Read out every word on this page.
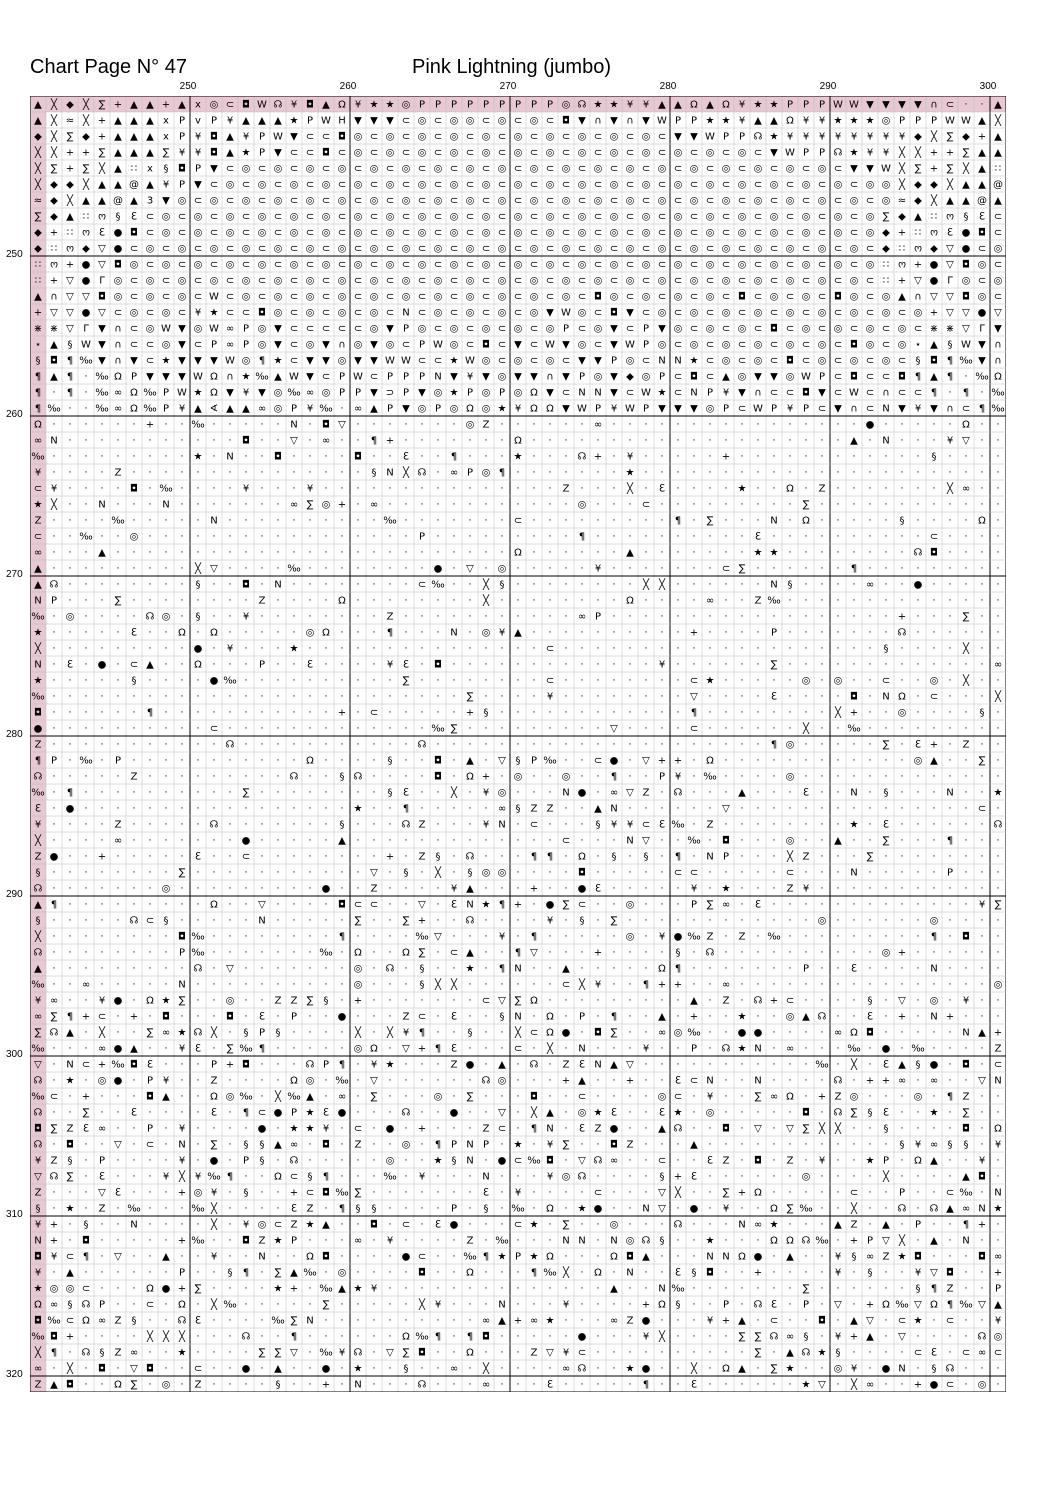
Chart Page N° 47	Pink Lightning (jumbo)
250	260	270	280	290	300
250
260
270
280
290
300
310
320
▲ ╳ ◆ ╳ ∑ + ▲ ▲ + ▲ x ◎ ⊂ ◘ W ☊ ¥ ◘ ▲ Ω ¥ ★ ★ ◎ P P P P P P P P P ◎ ☊ ★ ★ ¥ ¥ ▲ ▲ Ω ▲ Ω ¥ ★ ★ P P P W W ▼ ▼ ▼ ▼ ∩ ⊂ · · ▲
▲ ╳ ≈ ╳ + ▲ ▲ ▲ x P ᴠ P ¥ ▲ ▲ ▲ ★ P W H ▼ ▼ ▼ ⊂ ◎ ⊂ ◎ ◎ ⊂ ◎ ⊂ ◎ ⊂ ◘ ▼ ∩ ▼ ∩ ▼ W P P ★ ★ ¥ ▲ ▲ Ω ¥ ¥ ★ ★ ★ ◎ P P P W W ▲ ╳
◆ ╳ ∑ ◆ + ▲ ▲ ▲ x P ¥ ◘ ▲ ¥ P W ▼ ⊂ ⊂ ◘ ◎ ⊂ ◎ ⊂ ◎ ⊂ ◎ ⊂ ◎ ⊂ ◎ ⊂ ◎ ⊂ ◎ ⊂ ◎ ⊂ ◎ ⊂ ▼ ▼ W P P ☊ ★ ¥ ¥ ¥ ¥ ¥ ¥ ¥ ¥ ◆ ╳ ∑ ◆ + ▲
╳ ╳ + + ∑ ▲ ▲ ▲ ∑ ¥ ¥ ◘ ▲ ★ P ▼ ⊂ ⊂ ◘ ⊂ ◎ ⊂ ◎ ⊂ ◎ ⊂ ◎ ⊂ ◎ ⊂ ◎ ⊂ ◎ ⊂ ◎ ⊂ ◎ ⊂ ◎ ⊂ ◎ ⊂ ◎ ⊂ ◎ ⊂ ▼ W P P ☊ ★ ¥ ¥ ╳ ╳ + + ∑ ▲ ▲
╳ ∑ + ∑ ╳ ▲ ∷ x § ◘ P ▼ ⊂ ◎ ⊂ ◎ ⊂ ◎ ⊂ ◎ ⊂ ◎ ⊂ ◎ ⊂ ◎ ⊂ ◎ ⊂ ◎ ⊂ ◎ ⊂ ◎ ⊂ ◎ ⊂ ◎ ⊂ ◎ ⊂ ◎ ⊂ ◎ ⊂ ◎ ⊂ ◎ ⊂ ◎ ⊂ ▼ ▼ W ╳ ∑ + ∑ ╳ ▲ ∷
╳ ◆ ◆ ╳ ▲ ▲ @ ▲ ¥ P ▼ ⊂ ◎ ⊂ ◎ ⊂ ◎ ⊂ ◎ ⊂ ◎ ⊂ ◎ ⊂ ◎ ⊂ ◎ ⊂ ◎ ⊂ ◎ ⊂ ◎ ⊂ ◎ ⊂ ◎ ⊂ ◎ ⊂ ◎ ⊂ ◎ ⊂ ◎ ⊂ ◎ ⊂ ◎ ⊂ ◎ ⊂ ◎ ◎ ╳ ◆ ◆ ╳ ▲ ▲ @
≈ ◆ ╳ ▲ ▲ @ ▲ 3 ▼ ◎ ⊂ ◎ ⊂ ◎ ⊂ ◎ ⊂ ◎ ⊂ ◎ ⊂ ◎ ⊂ ◎ ⊂ ◎ ⊂ ◎ ⊂ ◎ ⊂ ◎ ⊂ ◎ ⊂ ◎ ⊂ ◎ ⊂ ◎ ⊂ ◎ ⊂ ◎ ⊂ ◎ ⊂ ◎ ⊂ ◎ ⊂ ◎ ⊂ ◎ ≈ ◆ ╳ ▲ ▲ @ ▲
∑ ◆ ▲ ∷ ო § ℇ ⊂ ◎ ⊂ ◎ ⊂ ◎ ⊂ ◎ ⊂ ◎ ⊂ ◎ ⊂ ◎ ⊂ ◎ ⊂ ◎ ⊂ ◎ ⊂ ◎ ⊂ ◎ ⊂ ◎ ⊂ ◎ ⊂ ◎ ⊂ ◎ ⊂ ◎ ⊂ ◎ ⊂ ◎ ⊂ ◎ ⊂ ◎ ⊂ ◎ ⊂ ◎ ∑ ◆ ▲ ∷ ო § ℇ ⊂
◆ + ∷ ო ℇ ● ◘ ⊂ ◎ ⊂ ◎ ⊂ ◎ ⊂ ◎ ⊂ ◎ ⊂ ◎ ⊂ ◎ ⊂ ◎ ⊂ ◎ ⊂ ◎ ⊂ ◎ ⊂ ◎ ⊂ ◎ ⊂ ◎ ⊂ ◎ ⊂ ◎ ⊂ ◎ ⊂ ◎ ⊂ ◎ ⊂ ◎ ⊂ ◎ ⊂ ◎ ⊂ ◎ ◆ + ∷ ო ℇ ● ◘ ⊂
◆ ∷ ო ◆ ▽ ● ⊂ ◎ ⊂ ◎ ⊂ ◎ ⊂ ◎ ⊂ ◎ ⊂ ◎ ⊂ ◎ ⊂ ◎ ⊂ ◎ ⊂ ◎ ⊂ ◎ ⊂ ◎ ⊂ ◎ ⊂ ◎ ⊂ ◎ ⊂ ◎ ⊂ ◎ ⊂ ◎ ⊂ ◎ ⊂ ◎ ⊂ ◎ ⊂ ◎ ⊂ ◎ ⊂ ◆ ∷ ო ◆ ▽ ● ⊂ ◎
∷ ო + ● ▽ ◘ ◎ ⊂ ◎ ⊂ ◎ ⊂ ◎ ⊂ ◎ ⊂ ◎ ⊂ ◎ ⊂ ◎ ⊂ ◎ ⊂ ◎ ⊂ ◎ ⊂ ◎ ⊂ ◎ ⊂ ◎ ⊂ ◎ ⊂ ◎ ⊂ ◎ ⊂ ◎ ⊂ ◎ ⊂ ◎ ⊂ ◎ ⊂ ◎ ⊂ ◎ ⊂ ◎ ∷ ო + ● ▽ ◘ ◎ ⊂
∷ + ▽ ● Γ ◎ ⊂ ◎ ⊂ ◎ ⊂ ◎ ⊂ ◎ ⊂ ◎ ⊂ ◎ ⊂ ◎ ⊂ ◎ ⊂ ◎ ⊂ ◎ ⊂ ◎ ⊂ ◎ ⊂ ◎ ⊂ ◎ ⊂ ◎ ⊂ ◎ ⊂ ◎ ⊂ ◎ ⊂ ◎ ⊂ ◎ ⊂ ◎ ⊂ ◎ ⊂ ◎ ⊂ ∷ + ▽ ● Γ ◎ ⊂ ◎
▲ ∩ ▽ ▽ ◘ ◎ ⊂ ◎ ⊂ ◎ ⊂ W ⊂ ◎ ⊂ ◎ ⊂ ◎ ⊂ ◎ ⊂ ◎ ⊂ ◎ ⊂ ◎ ⊂ ◎ ⊂ ◎ ⊂ ◎ ⊂ ◎ ⊂ ◘ ◎ ⊂ ◎ ⊂ ◎ ⊂ ◎ ⊂ ◘ ⊂ ◎ ⊂ ◎ ⊂ ◘ ◎ ⊂ ◎ ▲ ∩ ▽ ▽ ◘ ◎ ⊂
+ ▽ ▽ ● ▽ ⊂ ◎ ⊂ ◎ ⊂ ¥ ★ ⊂ ⊂ ◘ ◎ ⊂ ◎ ⊂ ◎ ⊂ ◎ ⊂ N ⊂ ◎ ⊂ ◎ ⊂ ◎ ⊂ ◎ ▼ W ◎ ⊂ ◘ ▼ ⊂ ◎ ⊂ ◎ ⊂ ◎ ⊂ ◎ ⊂ ◎ ⊂ ◎ ⊂ ◎ ⊂ ◎ ⊂ ◎ + ▽ ▽ ● ▽
⋇ ⋇ ▽ Γ ▼ ∩ ⊂ ◎ W ▼ ◎ W ∞ P ◎ ▼ ⊂ ⊂ ⊂ ⊂ ⊂ ◎ ▼ P ◎ ⊂ ◎ ⊂ ◎ ⊂ ◎ ⊂ ◎ P ⊂ ◎ ▼ ⊂ P ▼ ◎ ⊂ ◎ ⊂ ◎ ⊂ ◘ ⊂ ◎ ⊂ ◎ ⊂ ◎ ⊂ ◎ ⊂ ⋇ ⋇ ▽ Γ ▼
⋆ ▲ § W ▼ ∩ ⊂ ⊂ ◎ ▼ ⊂ P ∞ P ◎ ▼ ⊂ ◎ ▼ ∩ ◎ ▼ ◎ ⊂ P W ◎ ⊂ ◘ ⊂ ▼ ⊂ W ▼ ◎ ⊂ ▼ W P ◎ ⊂ ◎ ⊂ ◎ ⊂ ◎ ⊂ ◎ ⊂ ◎ ⊂ ◘ ◎ ⊂ ◎ ⋆ ▲ § W ▼ ∩
§ ◘ ¶ ‰ ▼ ∩ ▼ ⊂ ★ ▼ ▼ ▼ W ◎ ¶ ★ ⊂ ▼ ▼ ◎ ▼ ▼ W W ⊂ ⊂ ★ W ◎ ⊂ ◎ ⊂ ◎ ⊂ ▼ ▼ P ◎ ⊂ N N ★ ⊂ ◎ ⊂ ◎ ⊂ ◘ ⊂ ◎ ⊂ ◎ ⊂ ◎ ⊂ § ◘ ¶ ‰ ▼ ∩
¶ ▲ ¶ · ‰ Ω P ▼ ▼ ▼ W Ω ∩ ★ ‰ ▲ W ▼ ⊂ P W ⊂ P P P N ▼ ¥ ▼ ◎ ▼ ▼ ∩ ▼ P ◎ ▼ ◆ ◎ P ⊂ ◘ ⊂ ▲ ◎ ▼ ▼ ◎ W P ⊂ ◘ ⊂ ⊂ ◘ ¶ ▲ ¶ · ‰ Ω
¶ · ¶ · ‰ ∞ Ω ‰ P W ★ Ω ▼ ¥ ▼ ◎ ‰ ∞ ◎ P P ▼ ⊃ P ▼ ◎ ★ P ◎ P ◎ Ω ▼ ⊂ N N ▼ ⊂ W ★ ⊂ N P ¥ ▼ ∩ ⊂ ⊂ ◘ ▼ ⊂ W ⊂ ∩ ⊂ ⊂ ¶ · ¶ · ‰
¶ ‰ · · ‰ ∞ Ω ‰ P ¥ ▲ ∢ ▲ ▲ ∞ ◎ P ¥ ‰ · ∞ ▲ P ▼ ◎ P ◎ Ω ◎ ★ ¥ Ω Ω ▼ W P ¥ W P ▼ ▼ ▼ ◎ P ⊂ W P ¥ P ⊂ ▼ ∩ ⊂ N ▼ ¥ ▼ ∩ ⊂ ¶ ‰
Ω · · · · · · + · · ‰ · · · · · N · ◘ ▽ · · · · · · · ◎ Z · · · · · · ∞ · · · · · · · · · · · · · · · · ● · · · · · Ω · ·
∞ N · · · · · · · · · · · ◘ · · ▽ · ∞ · · ¶ + · · · · · · · Ω · · · · · · · · · · · · · · · · · · · · ▲ · N · · · ¥ ▽ · ·
‰ · · · · · · · · · ★ · N · · ◘ · · · · ◘ · · ℇ · · ¶ · · · ★ · · · ☊ + · ¥ · · · · · + · · · · · · · · · · · · § · · · ·
¥ · · · · Z · · · · · · · · · · · · · · · § N ╳ ☊ · ∞ P ◎ ¶ · · · · · · · ★ · · · · · · · · · · · · · · · · · · · · · · ·
⊂ ¥ · · · · ◘ · ‰ · · · · ¥ · · · ¥ · · · · · · · · · · · · · · · Z · · · ╳ · ℇ · · · · ★ · · Ω · Z · · · · · · · ╳ ∞ · ·
★ ╳ · · N · · · N · · · · · · · ∞ ∑ ◎ + · ∞ · · · · · · · · · · · · ◎ · · · ⊂ · · · · · · · · · ∑ · · · · · · · · · · · ·
Z · · · · ‰ · · · · · N · · · · · · · · · · ‰ · · · · · · · ⊂ · · · · · · · · · ¶ · ∑ · · · N · Ω · · · · · § · · · · Ω ·
⊂ · · ‰ · · ◎ · · · · · · · · · · · · · · · · · P · · · · · · · · · ¶ · · · · · · · · · · ℇ · · · · · · · · · · ⊂ · · · ·
∞ · · · ▲ · · · · · · · · · · · · · · · · · · · · · · · · · Ω · · · · · · ▲ · · · · · · · ★ ★ · · · · · · · · ☊ ◘ · · · ·
▲ · · · · · · · · · ╳ ▽ · · · · ‰ · · · · · · · · ● · ▽ · ◎ · · · · · ¥ · · · · · · · ⊂ ∑ · · · · · · ¶ · · · · · · · · ·
▲ ☊ · · · · · · · · § · · ◘ · N · · · · · · · · ⊂ ‰ · · ╳ § · · · · · · · · ╳ ╳ · · · · · · N § · · · · ∞ · · ● · · · · ·
N P · · · ∑ · · · · · · · · Z · · · · Ω · · · · · · · · ╳ · · · · · · · · Ω · · · · ∞ · · Z ‰ · · · · · · · · · · · · · ·
‰ · ◎ · · · · ☊ ◎ · § · · ¥ · · · · · · · · Z · · · · · · · · · · · ∞ P · · · · · · · · · · · · · · · · · · + · · · ∑ · ·
★ · · · · · ℇ · · Ω · Ω · · · · · ◎ Ω · · · ¶ · · · N · ◎ ¥ ▲ · · · · · · · · · · + · · · · P · · · · · · · ☊ · · · · · ·
╳ · · · · · · · · · ● · ¥ · · · ★ · · · · · · · · · · · · · · · ⊂ · · · · · · · · · · · · · · · · · · · · § · · · · ╳ · ·
N · ℇ · ● · ⊂ ▲ · · Ω · · · P · · ℇ · · · · ¥ ℇ · ◘ · · · · · · · · · · · · · ¥ · · · · · · ∑ · · · · · · · · · · · · · ∞
★ · · · · · § · · · · ● ‰ · · · · · · · · · · ∑ · · · · · · · · ⊂ · · · · · · · · ⊂ ★ · · · · · ◎ · ◎ · · ⊂ · · ◎ · ╳ · ·
‰ · · · · · · · · · · · · · · · · · · · · · · · · · · ∑ · · · · ¥ · · · · · · · · ▽ · · · · ℇ · · · · ◘ · N Ω · ⊂ · · · ╳
◘ · · · · · · ¶ · · · · · · · · · · · + · ⊂ · · · · · + § · · · · · · · · · · · · ¶ · · · · · · · · ╳ + · · ◎ · · · · § ·
● · · · · · · · · · · ⊂ · · · · · · · · · · · · · ‰ ∑ · · · · · · · · · ▽ · · · · ⊂ · · · · · · ╳ · · ‰ · · · · · · · · ·
Z · · · · · · · · · · · ☊ · · · · · · · · · · · ☊ · · · · · · · · · · · · · · · · · · · · · ¶ ◎ · · · · · ∑ · ℇ + · Z · ·
¶ P · ‰ · P · · · · · · · · · · · Ω · · · · § · · ◘ · ▲ · ▽ § P ‰ · · ⊂ ● · ▽ + + · Ω · · · · · · · · · · · · ◎ ▲ · · ∑ ·
☊ · · · · · Z · · · · · · · · · ☊ · · § ☊ · · · · ◘ · Ω + · ◎ · · ◎ · · ¶ · · P ¥ · ‰ · · · · ◎ · · · · · · · · · · · · ·
‰ · ¶ · · · · · · · · · · ∑ · · · · · · · · § ℇ · · ╳ · ¥ ◎ · · · N ● · ∞ ▽ Z · ☊ · · · ▲ · · · ℇ · · N · § · · · N · · ★
ℇ · ● · · · · · · · · · · · · · · · · · ★ · · ¶ · · · · · ∞ § Z Z · · ▲ N · · · · · · ▽ · · · · · · · · · · · · · · · ⊂ ·
¥ · · · · Z · · · · · ☊ · · · · · · · § · · · ☊ Z · · · ¥ N · ⊂ · · · § ¥ ¥ ⊂ ℇ ‰ · Z · · · · · · · · ★ · ℇ · · · · · · ☊
╳ · · · · ∞ · · · · · · · ● · · · · · ▲ · · · · · · · · · · · · · ⊂ · · · N ▽ · · ‰ · ◘ · · · ◎ · · ▲ · · ∑ · · · ¶ · · ·
Z ● · · + · · · · · ℇ · · ⊂ · · · · · · · · + · Z § · ☊ · · · ¶ ¶ · Ω · § · § · ¶ · N P · · · ╳ Z · · · ∑ · · · · · · · ·
§ · · · · · · · · ∑ · · · · · · · · · · · ▽ · § · ╳ · § ◎ ◎ · · · · ◘ · · · · · ⊂ ⊂ · · · · · ⊂ · · · N · · · · · P · · ·
☊ · · · · · · · ◎ · · · · · · · · · ● · · Z · · · · ¥ ▲ · · · + · · ● ℇ · · · · · ¥ · ★ · · · Z ¥ · · · · · · · · · · · ·
▲ ¶ · · · · · · · · · Ω · · ▽ · · · · ◘ ⊂ ⊂ · · ▽ · ℇ N ★ ¶ + · ● ∑ ⊂ · · ◎ · · · P ∑ ∞ · ℇ · · · · · · · · · · · · · ¥ ∑
§ · · · · · ☊ ⊂ § · · · · · N · · · · · ∑ · · ∑ + · · ☊ · · · · ¥ · § · ∑ · · · · · · · · · · · · ◎ · · · · · · ◎ · · · ·
╳ · · · · · · · · ◘ ‰ · · · · · · · · ¶ · · · · ‰ ▽ · · · ¥ · ¶ · · · · · ◎ · ¥ ● ‰ Z · Z · ‰ · · · · · · · · · ¶ · ◘ · ·
☊ · · · · · · · · P ‰ · · · · · · · ‰ · Ω · · Ω ∑ · ⊂ ▲ · · ¶ ▽ · · · + · · · · § · ☊ · · · · · · · · · · ◎ + · · · · · ·
▲ · · · · · · · · · ☊ · ▽ · · · · · · · ◎ · ☊ · § · · ★ · ¶ N · · ▲ · · · · · Ω ¶ · · · · · · · P · · ℇ · · · · N · · · ·
‰ · · ∞ · · · · · N · · · · · · · · · · ◎ · · · § ╳ ╳ · · · · · · ⊂ ╳ ¥ · · ¶ + + · · ∞ · · · · · · · · · · · · · · · · ◎
¥ ∞ · · ¥ ● · Ω ★ ∑ · · ◎ · · Z Z ∑ § · + · · · · · · · ⊂ ▽ ∑ Ω · · · · · · · · · ▲ · Z · ☊ + ⊂ · · · · § · ▽ · ◎ · ¥ · ·
∞ ∑ ¶ + ⊂ · + · ◘ · · · ◘ · ℇ · P · · ● · · · Z ⊂ · ℇ · · § N · Ω · P · ¶ · · ▲ · + · · ★ · · ◎ ▲ ☊ · · ℇ · + · N + · · ·
∑ ☊ ▲ · ╳ · · ∑ ∞ ★ ☊ ╳ · § P § · · · · ╳ · ╳ ¥ ¶ · · § · · ╳ ⊂ Ω ● · ◘ ∑ · · ∞ ◎ ‰ · · ● ● · · · · ∞ Ω ◘ · · · · · N ▲ +
‰ · · · ∞ ● ▲ · · ¥ ℇ · ∑ ‰ ¶ · · · · · ◎ Ω · ▽ + ¶ ℇ · · · ⊂ · ╳ · N · · · ¥ · · P · ☊ ★ N · ∞ · · · ‰ · ● · ‰ · · · · Z
▽ · N ⊂ + ‰ ◘ ℇ · · · P + ◘ · · · ☊ P ¶ · ¥ ★ · · · Z ● · ▲ · ☊ · Z ℇ N ▲ ▽ · · · · · · · · · · · ‰ · ╳ · ℇ ▲ § ● · ◘ · ⊂
☊ · ★ · ◎ ● · P ¥ · · Z · · · · Ω ◎ · ‰ · ▽ · · · · · · ☊ ◎ · · · + ▲ · · + · · ℇ ⊂ N · · N · · · · ☊ · + + ∞ · ∞ · · ▽ N
‰ ⊂ · + · · · ◘ ▲ · · Ω ◎ ‰ · ╳ ‰ ▲ · ∞ · ∑ · · · ◎ · ∑ · · · ◘ · · ⊂ · · · · ◎ ⊂ · ¥ · · ∑ ∞ Ω · + Z ◎ · · · ◎ · ¶ Z · ·
☊ · · ∑ · · ℇ · · · · ℇ · ¶ ⊂ ● P ★ ℇ ● · · · ☊ · · ● · · ▽ · ╳ ▲ · ◎ ★ ℇ · · ℇ ★ · ◎ · · · · · ◘ · ☊ ∑ § ℇ · · ★ · ∑ · ·
◘ ∑ Z ℇ ∞ · · P · ¥ · · · · ● · ★ ★ ¥ · ⊂ · ● · + · · · Z ⊂ · ¶ N · ℇ Z ● · · ▲ ☊ · · ◘ · ▽ · ▽ ∑ ╳ ╳ · · § · · · · ◘ · Ω
☊ · ◘ · · ▽ · ⊂ · N · ∑ · § § ▲ ∞ · ◘ · Z · · ◎ · ¶ P N P · ★ · ¥ ∑ · · ◘ Z · · · ▲ · · · · · · · · · · · · § ¥ ∞ § § · ¥
¥ Z § · P · · · · ¥ · ● · P § · ☊ · · · · · ◎ · · ★ § N · ● ⊂ ‰ ◘ · ▽ ☊ ∞ · · ⊂ · · ℇ Z · ◘ · Z · ¥ · · ★ P · Ω ▲ · · ¥ ·
▽ ☊ ∑ · ℇ · · · ¥ ╳ ¥ ‰ ¶ · · Ω ⊂ § ¶ · · · ‰ · ¥ · · · N · · · ¥ ◎ ☊ · · · · § + ℇ · · · · · · ◎ · · · · ╳ · · · · ▲ ◘ ·
Z · · · ▽ ℇ · · · + ◎ ¥ · § · · + ⊂ ◘ ‰ ∑ · · · · · · · ℇ · ¥ · · · · ⊂ · · · ▽ ╳ · · ∑ + Ω · · · · · ⊂ · · P · · ⊂ ‰ · N
§ · ★ · Z · ‰ · · · ‰ ╳ · · · · ℇ Z · ¶ § § · · · · P · § · ‰ · Ω · ★ ● · · N ▽ · ● · ¥ · · Ω ∑ ‰ · · ╳ · · ☊ · ☊ ▲ ∞ N ★
¥ + · § · · N · · · · ╳ · ¥ ◎ ⊂ Z ★ ▲ · · ◘ · ⊂ · ℇ ● · · · ⊂ ★ · ∑ · · ◎ · · · ☊ · · · N ∞ ★ · · · ▲ Z · ▲ · P · · ¶ + ·
N + · ◘ · · · · · + ‰ · · ◘ Z ★ P · · · ∞ · ¥ · · · · Z · ‰ · · · N N · N ◎ ☊ § · · ★ · · · Ω Ω ☊ ‰ · + P ▽ ╳ · ▲ · N · ·
◘ ¥ ⊂ ¶ · ▽ · · ▲ · · ¥ · · N · · Ω ◘ · · · · ● ⊂ · · ‰ ¶ ★ P ★ Ω · · · Ω ◘ ▲ · · · N N Ω ● · ▲ · · ¥ § ∞ Z ★ ◘ · · · ◘ ∞
¥ · ▲ · · · · · · P · · § ¶ · ∑ ▲ ‰ · ◎ · · · · ◘ · · Ω · · · ¶ ‰ ╳ · Ω · N · · ℇ § ◘ · · + · · · · ¥ · § · · ¥ ▽ ◘ · · +
★ ◎ ◎ ⊂ · · · Ω ● + ∑ · · · · ★ + · ‰ ▲ ★ ¥ · · · · · · · · · · · · · · ▲ · · N ‰ · · · · · · · ∑ · · · · · · § ¶ Z · · P
Ω ∞ § ☊ P · · ⊂ · Ω · ╳ ‰ · · · · · ∑ · · · · · ╳ ¥ · · · N · · · ¥ · · · · + Ω § · · P · ☊ ℇ · P · ▽ · + Ω ‰ ▽ Ω ¶ ‰ ▽ ▲
◘ ‰ ⊂ Ω ∞ Z § · · ☊ ℇ · · · · ‰ ∑ N · · · · · · · · · · ∞ ▲ + ∞ ★ · · · ∞ Z ● · · · ¥ + ▲ · ⊂ · · ◘ · ▲ ▽ · ⊂ ★ · ⊂ · · ¥
‰ ◘ + · · · · ╳ ╳ ╳ · · · ☊ · · ¶ · · · · · · Ω ‰ ¶ · ¶ ◘ · · · · · ● · · · ¥ ╳ · · · · ∑ ∑ ☊ ∞ § · ¥ + ▲ · ▽ · · · · ☊ ◎
╳ ¶ · ☊ § Z ∞ · · ★ · · · · ∑ ∑ ▽ · ‰ ¥ ☊ · ▽ ∑ ◘ · · Ω · · · Z ▽ ¥ ⊂ · · · · · · · · · · ∑ · ▲ ☊ ★ § · · · · ⊂ ℇ · ⊂ ∞ ⊂
∞ · ╳ · ◘ · ▽ ◘ · · ⊂ · · ● · ▲ · · ● · ★ · · § · · ∞ · ╳ · · · · ∞ ☊ · · ★ ● · · ╳ · Ω ▲ · ∑ ★ · · ◎ ¥ · ● N · § ☊ · · ·
Z ▲ ◘ · · Ω ∑ · ◎ · Z · · · · § · · + · N · · · ☊ · · · ∞ · · · ℇ · · · · · ¶ · · ℇ · · · · · · ★ ▽ · ╳ ∞ · · + ● ⊂ · ◎ ·
